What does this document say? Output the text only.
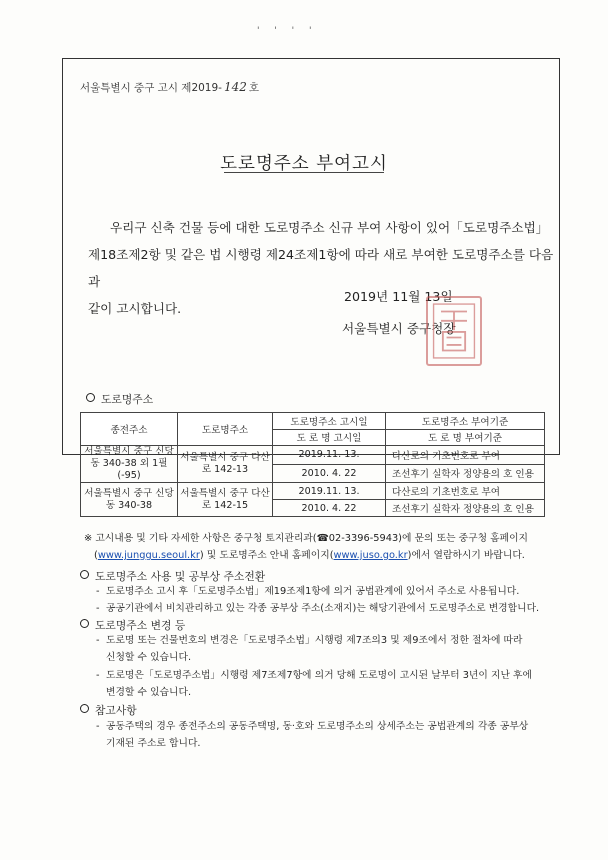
' ' ' '
서울특별시 중구 고시 제2019- 142 호
도로명주소 부여고시
우리구 신축 건물 등에 대한 도로명주소 신규 부여 사항이 있어「도로명주소법」
제18조제2항 및 같은 법 시행령 제24조제1항에 따라 새로 부여한 도로명주소를 다음과
같이 고시합니다.
2019년 11월 13일
서울특별시 중구청장
도로명주소
종전주소	도로명주소	도로명주소 고시일	도로명주소 부여기준
		도 로 명 고시일	도 로 명 부여기준
서울특별시 중구 신당동 340-38 외 1필(-95)	서울특별시 중구 다산로 142-13	2019.11. 13.	다산로의 기초번호로 부여
		2010. 4. 22	조선후기 실학자 정양용의 호 인용
서울특별시 중구 신당동 340-38	서울특별시 중구 다산로 142-15	2019.11. 13.	다산로의 기초번호로 부여
		2010. 4. 22	조선후기 실학자 정양용의 호 인용
※ 고시내용 및 기타 자세한 사항은 중구청 토지관리과(☎02-3396-5943)에 문의 또는 중구청 홈페이지
(www.junggu.seoul.kr) 및 도로명주소 안내 홈페이지(www.juso.go.kr)에서 열람하시기 바랍니다.
도로명주소 사용 및 공부상 주소전환
- 도로명주소 고시 후「도로명주소법」제19조제1항에 의거 공법관계에 있어서 주소로 사용됩니다.
- 공공기관에서 비치관리하고 있는 각종 공부상 주소(소재지)는 해당기관에서 도로명주소로 변경합니다.
도로명주소 변경 등
- 도로명 또는 건물번호의 변경은「도로명주소법」시행령 제7조의3 및 제9조에서 정한 절차에 따라
신청할 수 있습니다.
- 도로명은「도로명주소법」시행령 제7조제7항에 의거 당해 도로명이 고시된 날부터 3년이 지난 후에
변경할 수 있습니다.
참고사항
- 공동주택의 경우 종전주소의 공동주택명, 동·호와 도로명주소의 상세주소는 공법관계의 각종 공부상
기재된 주소로 합니다.
